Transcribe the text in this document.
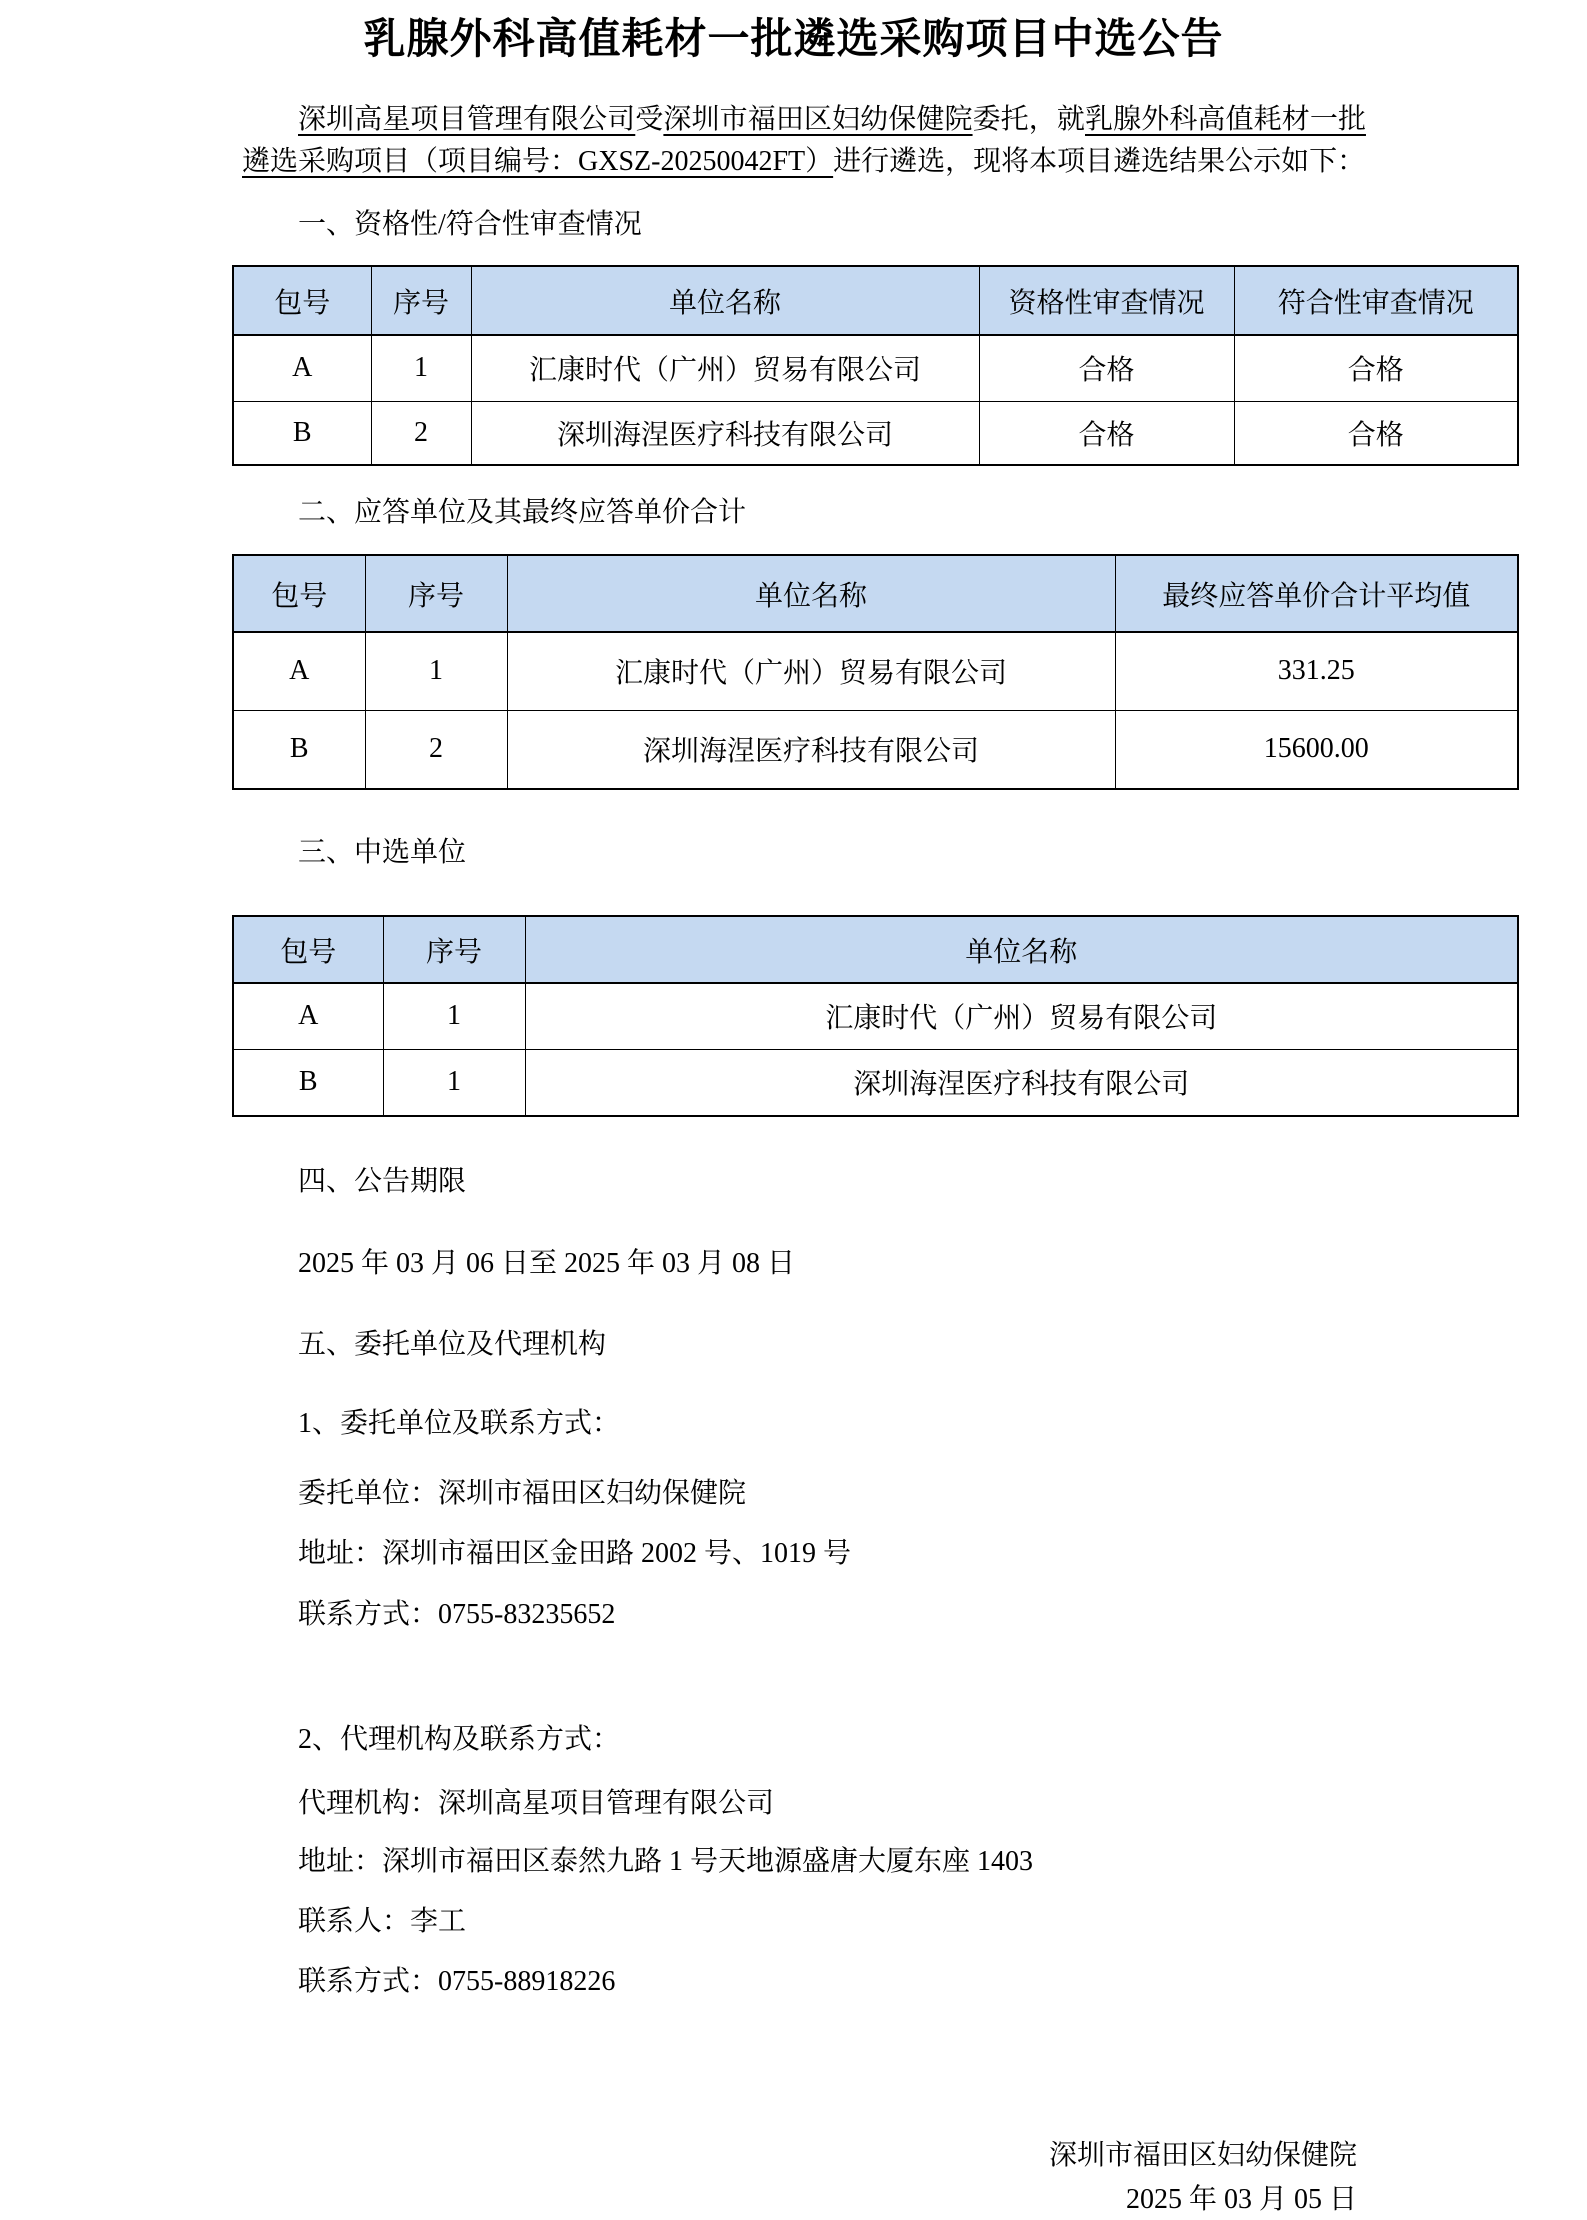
乳腺外科高值耗材一批遴选采购项目中选公告

深圳高星项目管理有限公司受深圳市福田区妇幼保健院委托，就乳腺外科高值耗材一批遴选采购项目（项目编号：GXSZ-20250042FT）进行遴选，现将本项目遴选结果公示如下：

一、资格性/符合性审查情况
包号	序号	单位名称	资格性审查情况	符合性审查情况
A	1	汇康时代（广州）贸易有限公司	合格	合格
B	2	深圳海涅医疗科技有限公司	合格	合格
二、应答单位及其最终应答单价合计
包号	序号	单位名称	最终应答单价合计平均值
A	1	汇康时代（广州）贸易有限公司	331.25
B	2	深圳海涅医疗科技有限公司	15600.00
三、中选单位
包号	序号	单位名称
A	1	汇康时代（广州）贸易有限公司
B	1	深圳海涅医疗科技有限公司
四、公告期限

2025 年 03 月 06 日至 2025 年 03 月 08 日

五、委托单位及代理机构

1、委托单位及联系方式：

委托单位：深圳市福田区妇幼保健院

地址：深圳市福田区金田路 2002 号、1019 号

联系方式：0755-83235652

2、代理机构及联系方式：

代理机构：深圳高星项目管理有限公司

地址：深圳市福田区泰然九路 1 号天地源盛唐大厦东座 1403

联系人：李工

联系方式：0755-88918226

深圳市福田区妇幼保健院
2025 年 03 月 05 日
